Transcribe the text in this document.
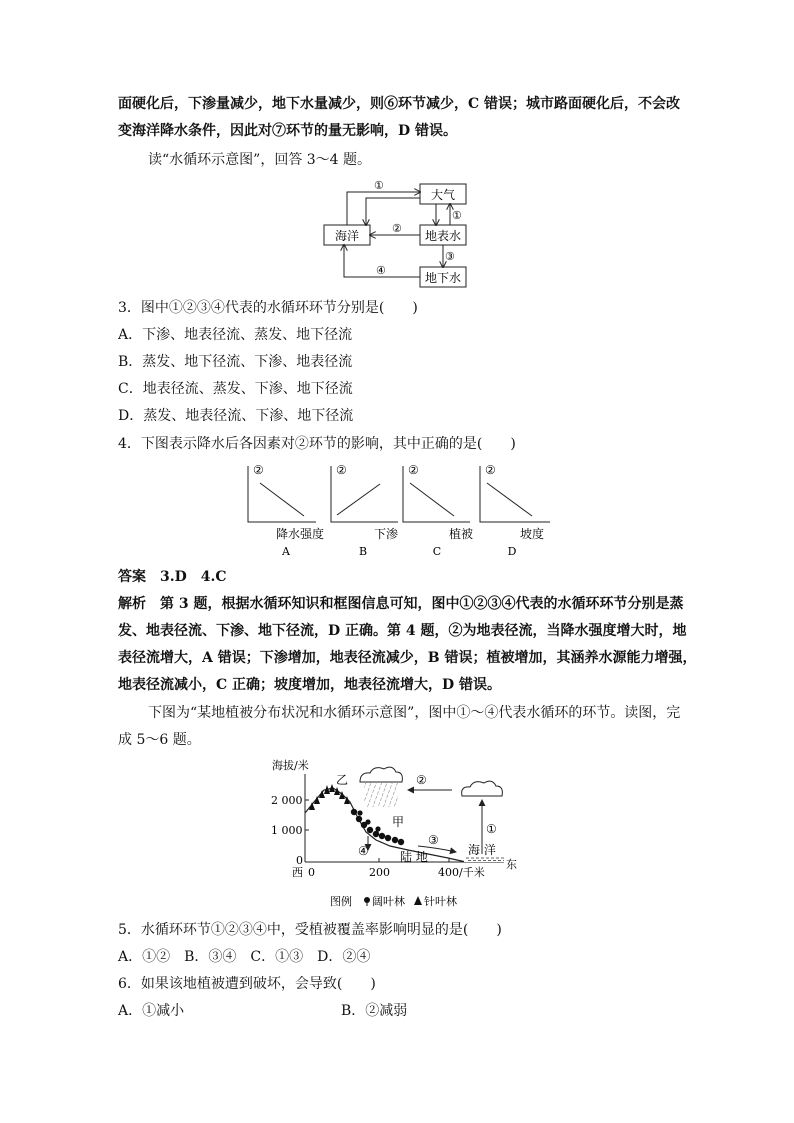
面硬化后，下渗量减少，地下水量减少，则⑥环节减少，C 错误；城市路面硬化后，不会改
变海洋降水条件，因此对⑦环节的量无影响，D 错误。
读“水循环示意图”，回答 3～4 题。
大气
海洋	地表水
地下水
①
①
②
③
④
3．图中①②③④代表的水循环环节分别是(　　)
A．下渗、地表径流、蒸发、地下径流
B．蒸发、地下径流、下渗、地表径流
C．地表径流、蒸发、下渗、地下径流
D．蒸发、地表径流、下渗、地下径流
4．下图表示降水后各因素对②环节的影响，其中正确的是(　　)
②
降水强度
A
②
下渗
B
②
植被
C
②
坡度
D
答案　3.D　4.C
解析　第 3 题，根据水循环知识和框图信息可知，图中①②③④代表的水循环环节分别是蒸
发、地表径流、下渗、地下径流，D 正确。第 4 题，②为地表径流，当降水强度增大时，地
表径流增大，A 错误；下渗增加，地表径流减少，B 错误；植被增加，其涵养水源能力增强，
地表径流减小，C 正确；坡度增加，地表径流增大，D 错误。
下图为“某地植被分布状况和水循环示意图”，图中①～④代表水循环的环节。读图，完
成 5～6 题。
海拔/米
2 000
1 000
0
西 0	200	400/千米
东
乙	②
①
③
④
甲
陆 地	海 洋
图例 阔叶林 针叶林
5．水循环环节①②③④中，受植被覆盖率影响明显的是(　　)
A．①②　B．③④　C．①③　D．②④
6．如果该地植被遭到破坏，会导致(　　)
A．①减小	B．②减弱
